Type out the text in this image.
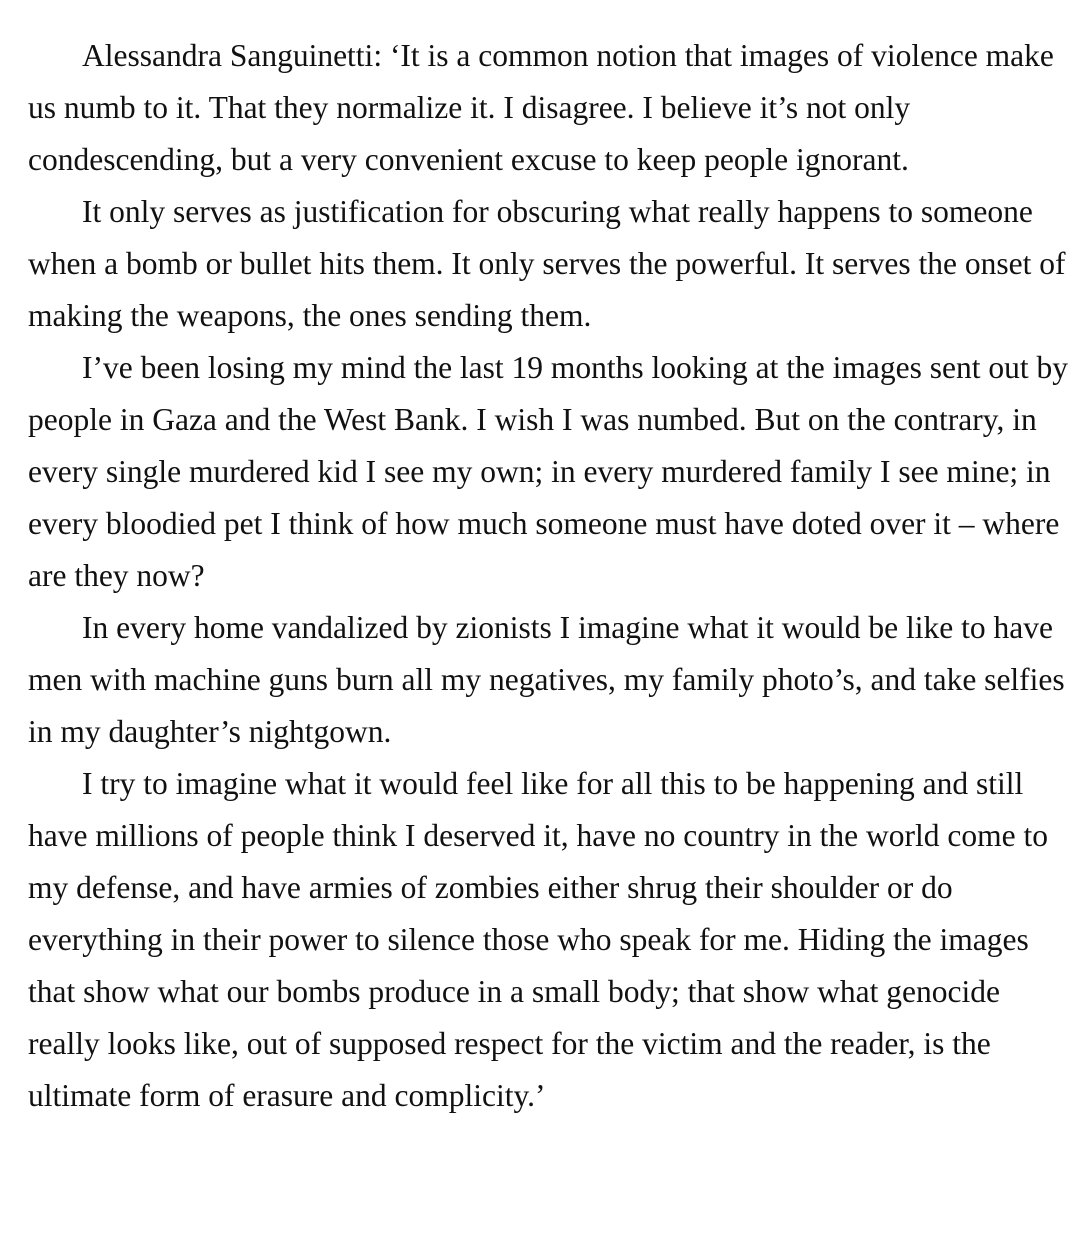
Alessandra Sanguinetti: ‘It is a common notion that images of violence make us numb to it. That they normalize it. I disagree. I believe it’s not only condescending, but a very convenient excuse to keep people ignorant.

It only serves as justification for obscuring what really happens to someone when a bomb or bullet hits them. It only serves the powerful. It serves the onset of making the weapons, the ones sending them.

I’ve been losing my mind the last 19 months looking at the images sent out by people in Gaza and the West Bank. I wish I was numbed. But on the contrary, in every single murdered kid I see my own; in every murdered family I see mine; in every bloodied pet I think of how much someone must have doted over it – where are they now?

In every home vandalized by zionists I imagine what it would be like to have men with machine guns burn all my negatives, my family photo’s, and take selfies in my daughter’s nightgown.

I try to imagine what it would feel like for all this to be happening and still have millions of people think I deserved it, have no country in the world come to my defense, and have armies of zombies either shrug their shoulder or do everything in their power to silence those who speak for me. Hiding the images that show what our bombs produce in a small body; that show what genocide really looks like, out of supposed respect for the victim and the reader, is the ultimate form of erasure and complicity.’
